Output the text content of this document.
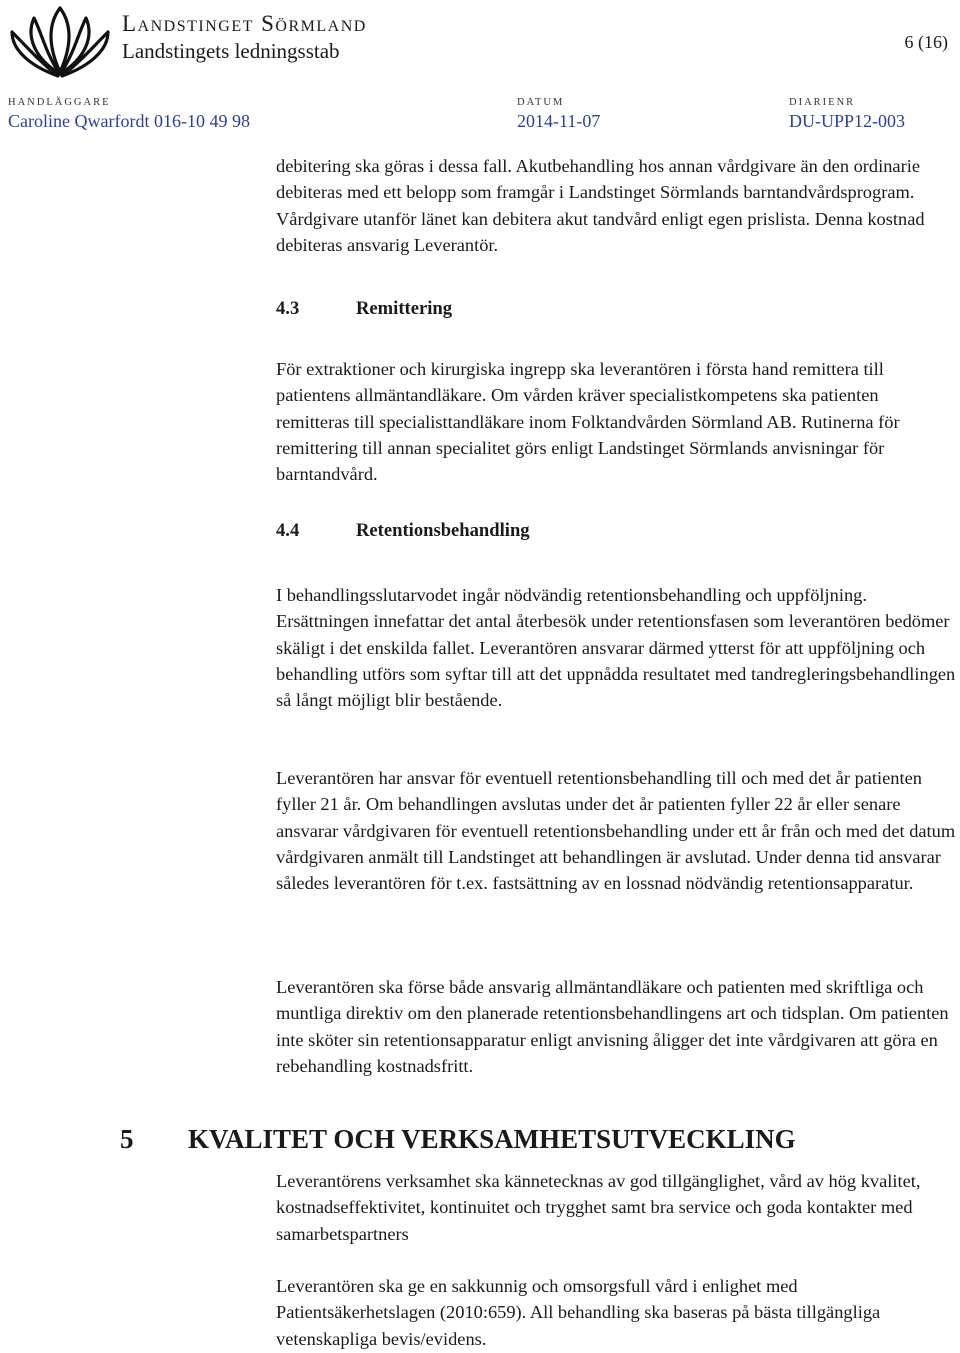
Landstinget Sörmland
Landstingets ledningsstab	6 (16)
HANDLÄGGARE
Caroline Qwarfordt 016-10 49 98
DATUM
2014-11-07
DIARIENR
DU-UPP12-003

debitering ska göras i dessa fall. Akutbehandling hos annan vårdgivare än den ordinarie debiteras med ett belopp som framgår i Landstinget Sörmlands barntandvårdsprogram. Vårdgivare utanför länet kan debitera akut tandvård enligt egen prislista. Denna kostnad debiteras ansvarig Leverantör.

4.3	Remittering

För extraktioner och kirurgiska ingrepp ska leverantören i första hand remittera till patientens allmäntandläkare. Om vården kräver specialistkompetens ska patienten remitteras till specialisttandläkare inom Folktandvården Sörmland AB. Rutinerna för remittering till annan specialitet görs enligt Landstinget Sörmlands anvisningar för barntandvård.

4.4	Retentionsbehandling

I behandlingsslutarvodet ingår nödvändig retentionsbehandling och uppföljning. Ersättningen innefattar det antal återbesök under retentionsfasen som leverantören bedömer skäligt i det enskilda fallet. Leverantören ansvarar därmed ytterst för att uppföljning och behandling utförs som syftar till att det uppnådda resultatet med tandregleringsbehandlingen så långt möjligt blir bestående.

Leverantören har ansvar för eventuell retentionsbehandling till och med det år patienten fyller 21 år. Om behandlingen avslutas under det år patienten fyller 22 år eller senare ansvarar vårdgivaren för eventuell retentionsbehandling under ett år från och med det datum vårdgivaren anmält till Landstinget att behandlingen är avslutad. Under denna tid ansvarar således leverantören för t.ex. fastsättning av en lossnad nödvändig retentionsapparatur.

Leverantören ska förse både ansvarig allmäntandläkare och patienten med skriftliga och muntliga direktiv om den planerade retentionsbehandlingens art och tidsplan. Om patienten inte sköter sin retentionsapparatur enligt anvisning åligger det inte vårdgivaren att göra en rebehandling kostnadsfritt.

5 KVALITET OCH VERKSAMHETSUTVECKLING

Leverantörens verksamhet ska kännetecknas av god tillgänglighet, vård av hög kvalitet, kostnadseffektivitet, kontinuitet och trygghet samt bra service och goda kontakter med samarbetspartners

Leverantören ska ge en sakkunnig och omsorgsfull vård i enlighet med Patientsäkerhetslagen (2010:659). All behandling ska baseras på bästa tillgängliga vetenskapliga bevis/evidens.
